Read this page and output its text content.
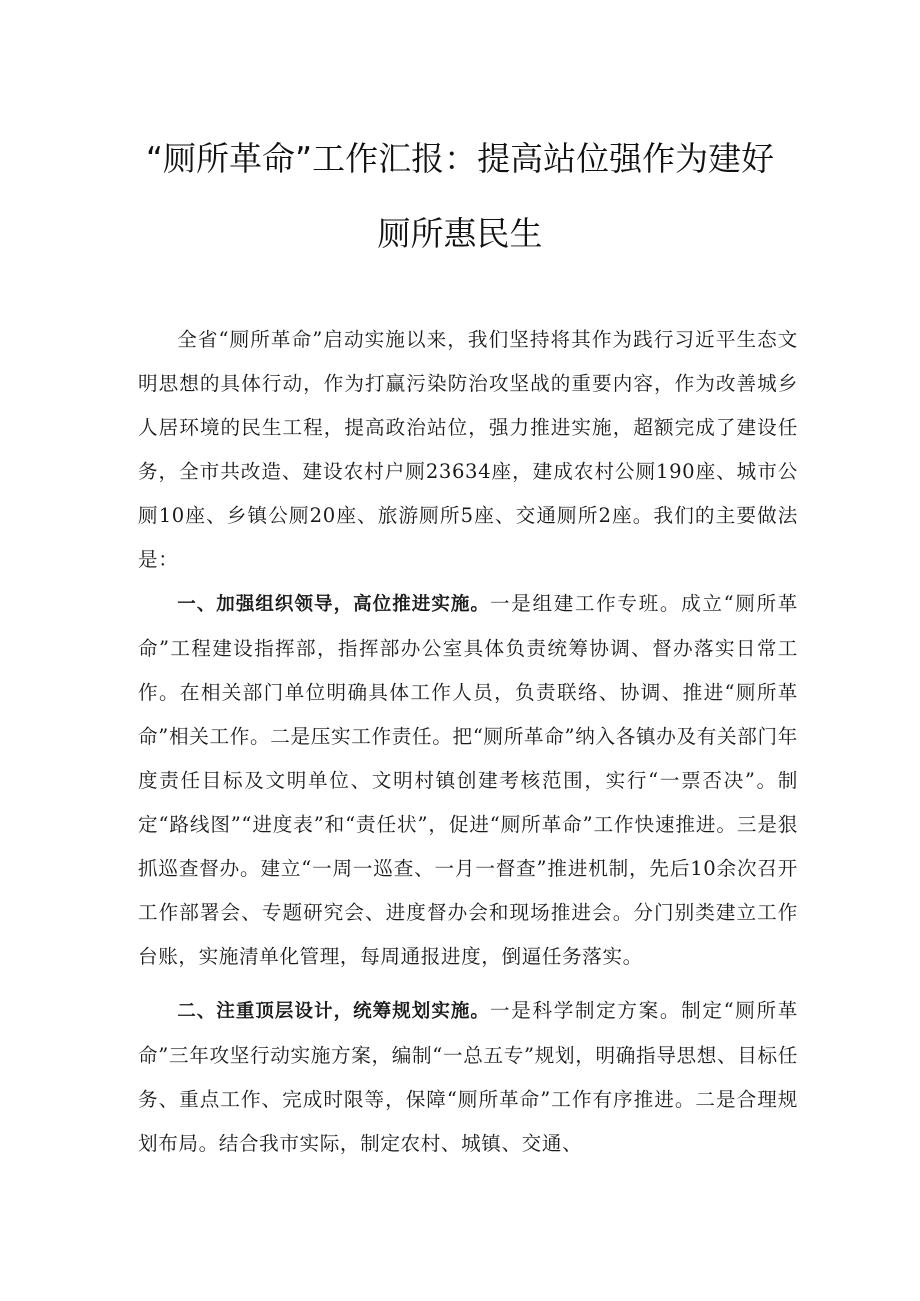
“厕所革命”工作汇报：提高站位强作为建好
厕所惠民生

全省“厕所革命”启动实施以来，我们坚持将其作为践行习近平生态文明思想的具体行动，作为打赢污染防治攻坚战的重要内容，作为改善城乡人居环境的民生工程，提高政治站位，强力推进实施，超额完成了建设任务，全市共改造、建设农村户厕23634座，建成农村公厕190座、城市公厕10座、乡镇公厕20座、旅游厕所5座、交通厕所2座。我们的主要做法是：

一、加强组织领导，高位推进实施。一是组建工作专班。成立“厕所革命”工程建设指挥部，指挥部办公室具体负责统筹协调、督办落实日常工作。在相关部门单位明确具体工作人员，负责联络、协调、推进“厕所革命”相关工作。二是压实工作责任。把“厕所革命”纳入各镇办及有关部门年度责任目标及文明单位、文明村镇创建考核范围，实行“一票否决”。制定“路线图”“进度表”和“责任状”，促进“厕所革命”工作快速推进。三是狠抓巡查督办。建立“一周一巡查、一月一督查”推进机制，先后10余次召开工作部署会、专题研究会、进度督办会和现场推进会。分门别类建立工作台账，实施清单化管理，每周通报进度，倒逼任务落实。

二、注重顶层设计，统筹规划实施。一是科学制定方案。制定“厕所革命”三年攻坚行动实施方案，编制“一总五专”规划，明确指导思想、目标任务、重点工作、完成时限等，保障“厕所革命”工作有序推进。二是合理规划布局。结合我市实际，制定农村、城镇、交通、
